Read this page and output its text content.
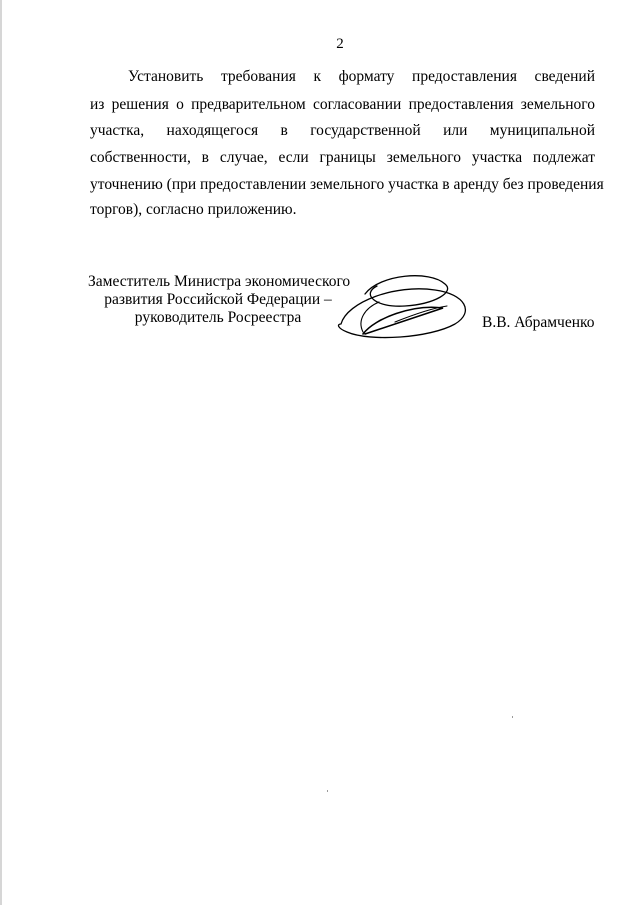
2
Установить требования к формату предоставления сведений
из решения о предварительном согласовании предоставления земельного
участка, находящегося в государственной или муниципальной
собственности, в случае, если границы земельного участка подлежат
уточнению (при предоставлении земельного участка в аренду без проведения
торгов), согласно приложению.
Заместитель Министра экономического
развития Российской Федерации –
руководитель Росреестра	В.В. Абрамченко
